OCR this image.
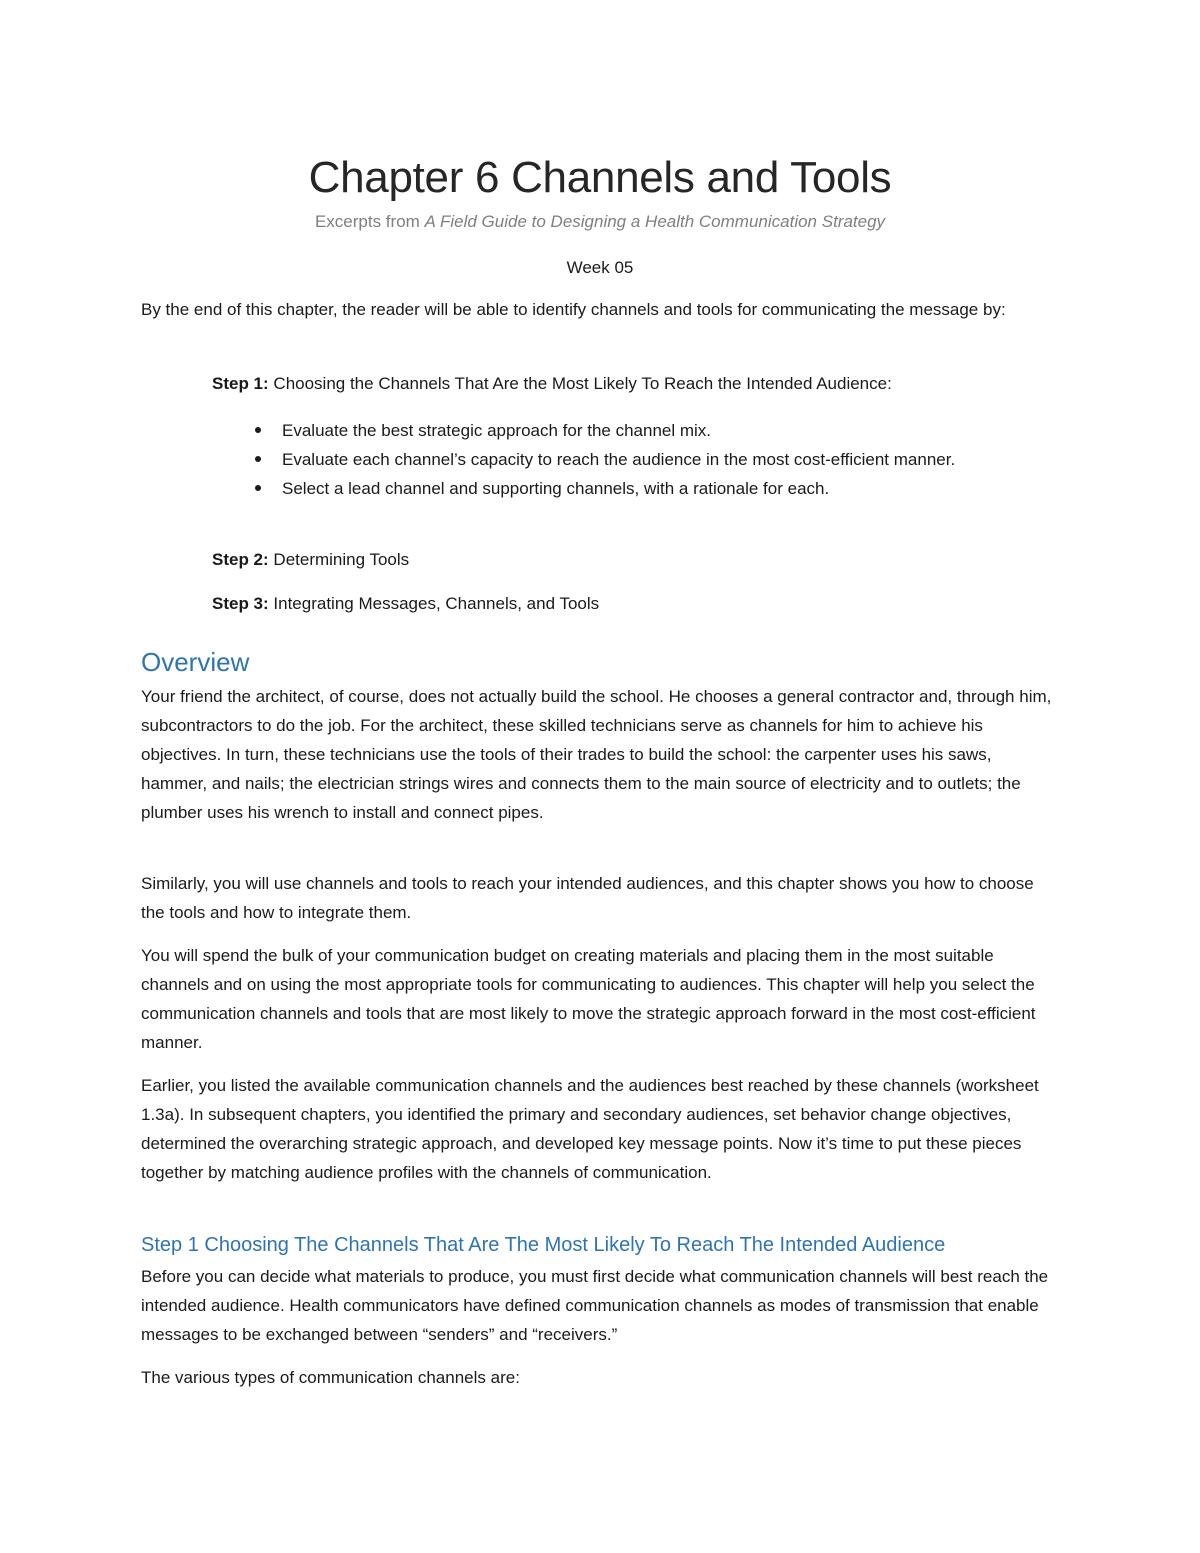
Chapter 6 Channels and Tools
Excerpts from A Field Guide to Designing a Health Communication Strategy
Week 05

By the end of this chapter, the reader will be able to identify channels and tools for communicating the message by:

Step 1: Choosing the Channels That Are the Most Likely To Reach the Intended Audience:

Evaluate the best strategic approach for the channel mix.
Evaluate each channel’s capacity to reach the audience in the most cost-efficient manner.
Select a lead channel and supporting channels, with a rationale for each.

Step 2: Determining Tools

Step 3: Integrating Messages, Channels, and Tools

Overview

Your friend the architect, of course, does not actually build the school. He chooses a general contractor and, through him, subcontractors to do the job. For the architect, these skilled technicians serve as channels for him to achieve his objectives. In turn, these technicians use the tools of their trades to build the school: the carpenter uses his saws, hammer, and nails; the electrician strings wires and connects them to the main source of electricity and to outlets; the plumber uses his wrench to install and connect pipes.

Similarly, you will use channels and tools to reach your intended audiences, and this chapter shows you how to choose the tools and how to integrate them.

You will spend the bulk of your communication budget on creating materials and placing them in the most suitable channels and on using the most appropriate tools for communicating to audiences. This chapter will help you select the communication channels and tools that are most likely to move the strategic approach forward in the most cost-efficient manner.

Earlier, you listed the available communication channels and the audiences best reached by these channels (worksheet 1.3a). In subsequent chapters, you identified the primary and secondary audiences, set behavior change objectives, determined the overarching strategic approach, and developed key message points. Now it’s time to put these pieces together by matching audience profiles with the channels of communication.

Step 1 Choosing The Channels That Are The Most Likely To Reach The Intended Audience

Before you can decide what materials to produce, you must first decide what communication channels will best reach the intended audience. Health communicators have defined communication channels as modes of transmission that enable messages to be exchanged between “senders” and “receivers.”

The various types of communication channels are:
